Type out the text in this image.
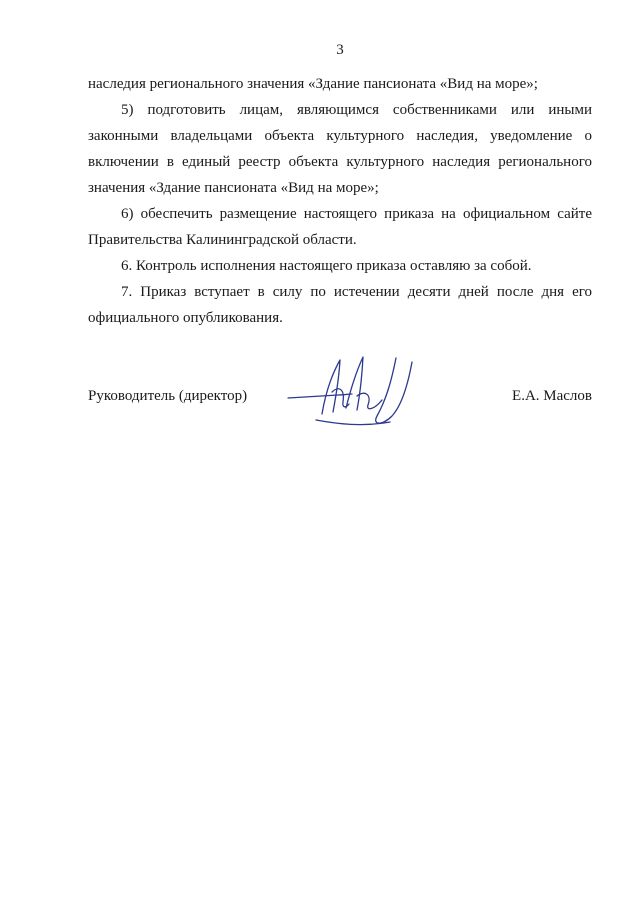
3
наследия регионального значения «Здание пансионата «Вид на море»;
5) подготовить лицам, являющимся собственниками или иными
законными владельцами объекта культурного наследия, уведомление о
включении в единый реестр объекта культурного наследия регионального
значения «Здание пансионата «Вид на море»;
6) обеспечить размещение настоящего приказа на официальном сайте
Правительства Калининградской области.
6. Контроль исполнения настоящего приказа оставляю за собой.
7. Приказ вступает в силу по истечении десяти дней после дня его
официального опубликования.
Руководитель (директор)	Е.А. Маслов
